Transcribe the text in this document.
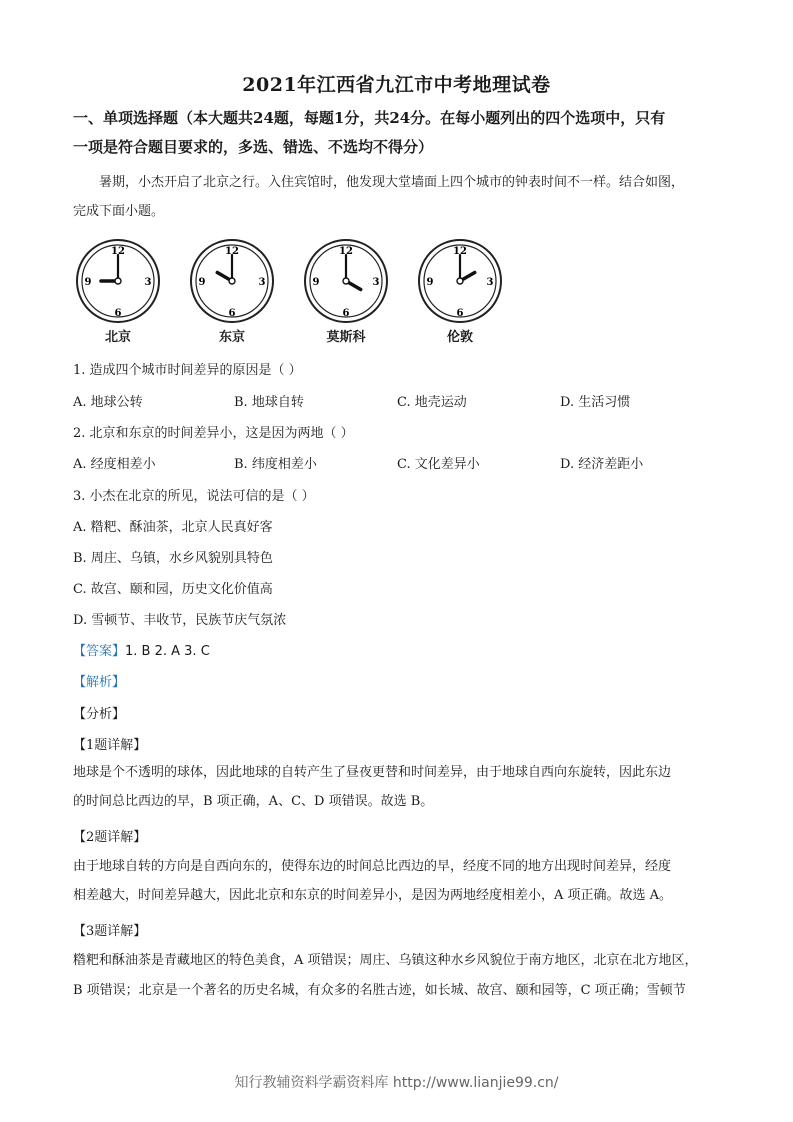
2021年江西省九江市中考地理试卷
一、单项选择题（本大题共24题，每题1分，共24分。在每小题列出的四个选项中，只有
一项是符合题目要求的，多选、错选、不选均不得分）
暑期，小杰开启了北京之行。入住宾馆时，他发现大堂墙面上四个城市的钟表时间不一样。结合如图，
完成下面小题。
12
3
6
9
北京
12
3
6
9
东京
12
3
6
9
莫斯科
12
3
6
9
伦敦
1. 造成四个城市时间差异的原因是（ ）
A. 地球公转	B. 地球自转	C. 地壳运动	D. 生活习惯
2. 北京和东京的时间差异小，这是因为两地（ ）
A. 经度相差小	B. 纬度相差小	C. 文化差异小	D. 经济差距小
3. 小杰在北京的所见，说法可信的是（ ）
A. 糌粑、酥油茶，北京人民真好客
B. 周庄、乌镇，水乡风貌别具特色
C. 故宫、颐和园，历史文化价值高
D. 雪顿节、丰收节，民族节庆气氛浓
【答案】1. B 2. A 3. C
【解析】
【分析】
【1题详解】
地球是个不透明的球体，因此地球的自转产生了昼夜更替和时间差异，由于地球自西向东旋转，因此东边
的时间总比西边的早，B 项正确，A、C、D 项错误。故选 B。
【2题详解】
由于地球自转的方向是自西向东的，使得东边的时间总比西边的早，经度不同的地方出现时间差异，经度
相差越大，时间差异越大，因此北京和东京的时间差异小，是因为两地经度相差小，A 项正确。故选 A。
【3题详解】
糌粑和酥油茶是青藏地区的特色美食，A 项错误；周庄、乌镇这种水乡风貌位于南方地区，北京在北方地区，
B 项错误；北京是一个著名的历史名城，有众多的名胜古迹，如长城、故宫、颐和园等，C 项正确；雪顿节
知行教辅资料学霸资料库 http://www.lianjie99.cn/
